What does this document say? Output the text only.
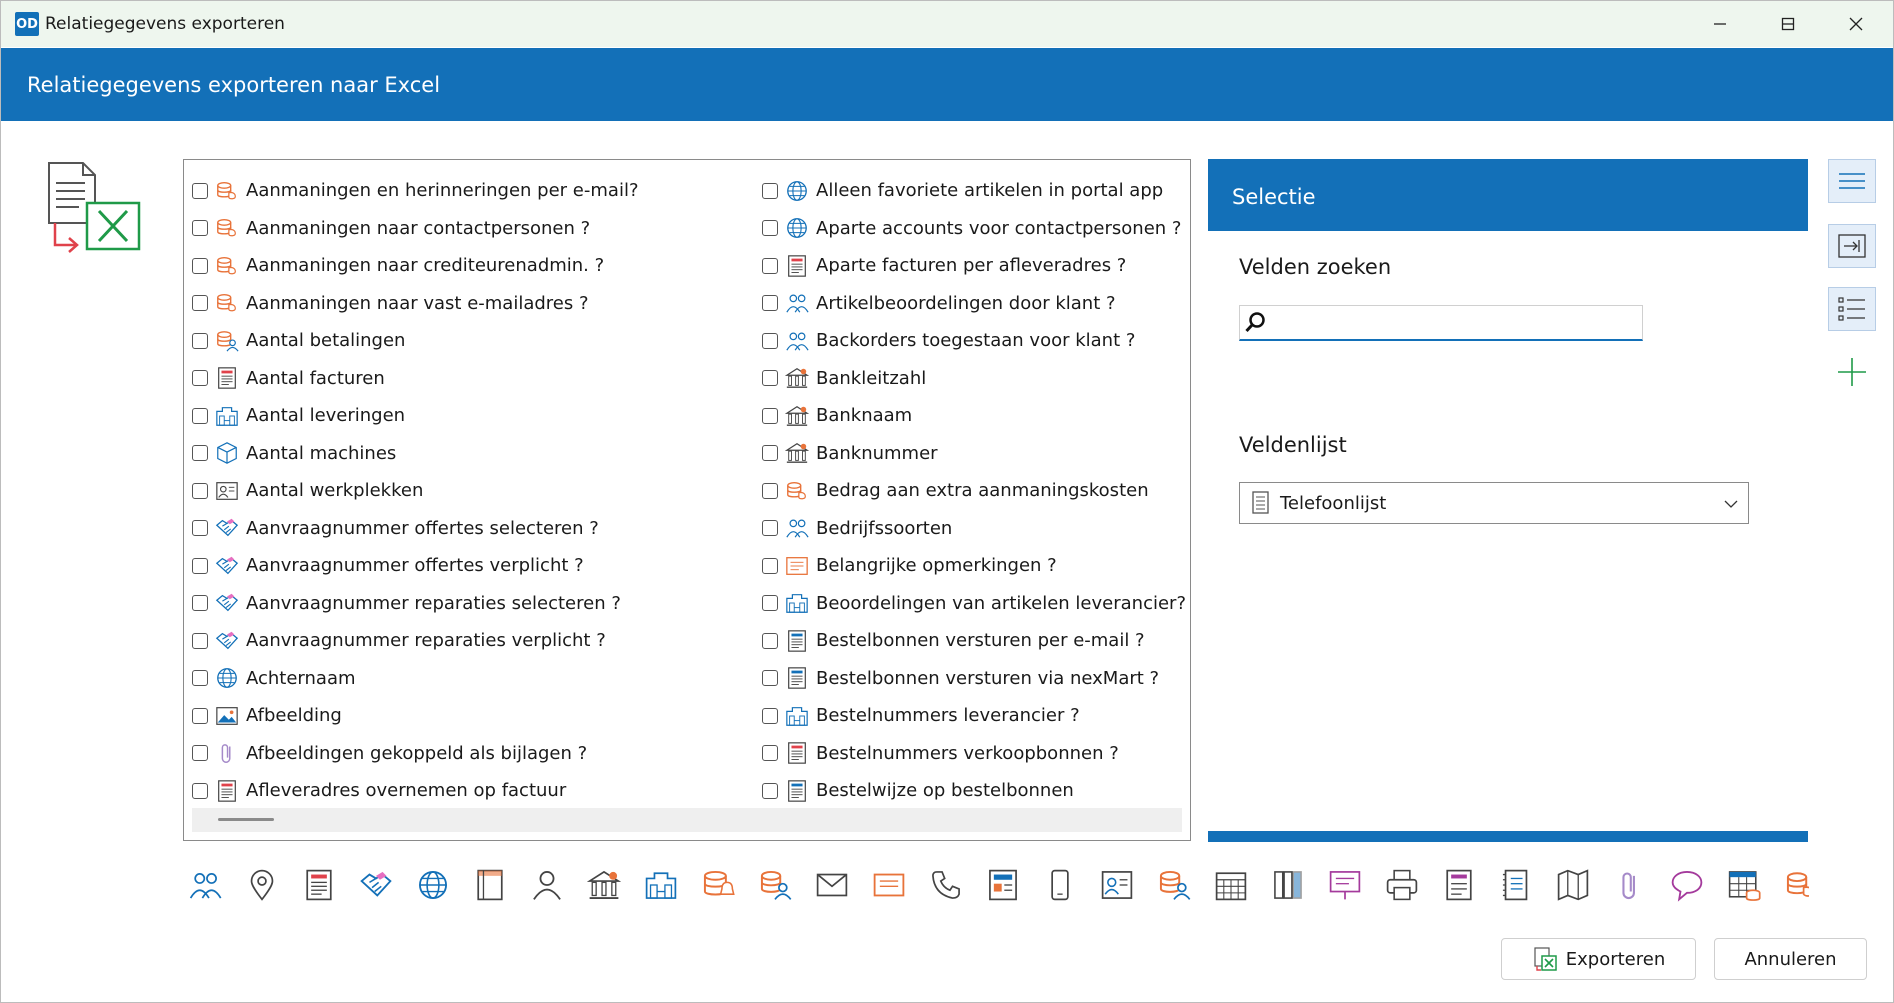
OD Relatiegegevens exporteren
Relatiegegevens exporteren naar Excel
Aanmaningen en herinneringen per e-mail?
Aanmaningen naar contactpersonen ?
Aanmaningen naar crediteurenadmin. ?
Aanmaningen naar vast e-mailadres ?
Aantal betalingen
Aantal facturen
Aantal leveringen
Aantal machines
Aantal werkplekken
Aanvraagnummer offertes selecteren ?
Aanvraagnummer offertes verplicht ?
Aanvraagnummer reparaties selecteren ?
Aanvraagnummer reparaties verplicht ?
Achternaam
Afbeelding
Afbeeldingen gekoppeld als bijlagen ?
Afleveradres overnemen op factuur
Alleen favoriete artikelen in portal app
Aparte accounts voor contactpersonen ?
Aparte facturen per afleveradres ?
Artikelbeoordelingen door klant ?
Backorders toegestaan voor klant ?
Bankleitzahl
Banknaam
Banknummer
Bedrag aan extra aanmaningskosten
Bedrijfssoorten
Belangrijke opmerkingen ?
Beoordelingen van artikelen leverancier?
Bestelbonnen versturen per e-mail ?
Bestelbonnen versturen via nexMart ?
Bestelnummers leverancier ?
Bestelnummers verkoopbonnen ?
Bestelwijze op bestelbonnen
Selectie
Velden zoeken
Veldenlijst
Telefoonlijst
Exporteren	Annuleren
